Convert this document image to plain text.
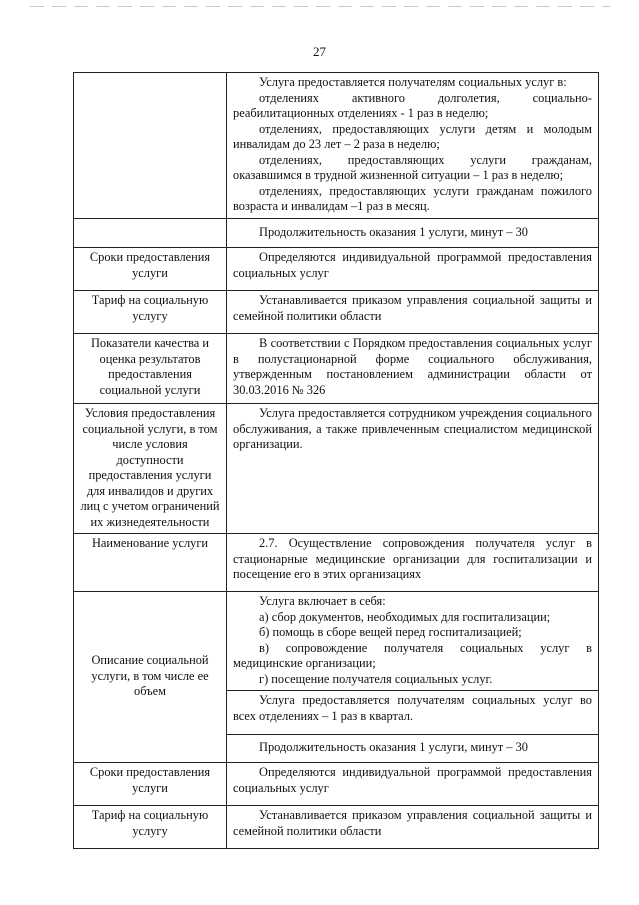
27

	Услуга предоставляется получателям социальных услуг в:

отделениях активного долголетия, социально-реабилитационных отделениях - 1 раз в неделю;

отделениях, предоставляющих услуги детям и молодым инвалидам до 23 лет – 2 раза в неделю;

отделениях, предоставляющих услуги гражданам, оказавшимся в трудной жизненной ситуации – 1 раз в неделю;

отделениях, предоставляющих услуги гражданам пожилого возраста и инвалидам –1 раз в месяц.

	Продолжительность оказания 1 услуги, минут – 30

Сроки предоставления услуги	Определяются индивидуальной программой предоставления социальных услуг

Тариф на социальную услугу	Устанавливается приказом управления социальной защиты и семейной политики области

Показатели качества и оценка результатов предоставления социальной услуги	В соответствии с Порядком предоставления социальных услуг в полустационарной форме социального обслуживания, утвержденным постановлением администрации области от 30.03.2016 № 326

Условия предоставления социальной услуги, в том числе условия доступности предоставления услуги для инвалидов и других лиц с учетом ограничений их жизнедеятельности	Услуга предоставляется сотрудником учреждения социального обслуживания, а также привлеченным специалистом медицинской организации.

Наименование услуги	2.7. Осуществление сопровождения получателя услуг в стационарные медицинские организации для госпитализации и посещение его в этих организациях

Описание социальной услуги, в том числе ее объем	Услуга включает в себя:

а) сбор документов, необходимых для госпитализации;

б) помощь в сборе вещей перед госпитализацией;

в) сопровождение получателя социальных услуг в медицинские организации;

г) посещение получателя социальных услуг.

	Услуга предоставляется получателям социальных услуг во всех отделениях – 1 раз в квартал.

	Продолжительность оказания 1 услуги, минут – 30

Сроки предоставления услуги	Определяются индивидуальной программой предоставления социальных услуг

Тариф на социальную услугу	Устанавливается приказом управления социальной защиты и семейной политики области
